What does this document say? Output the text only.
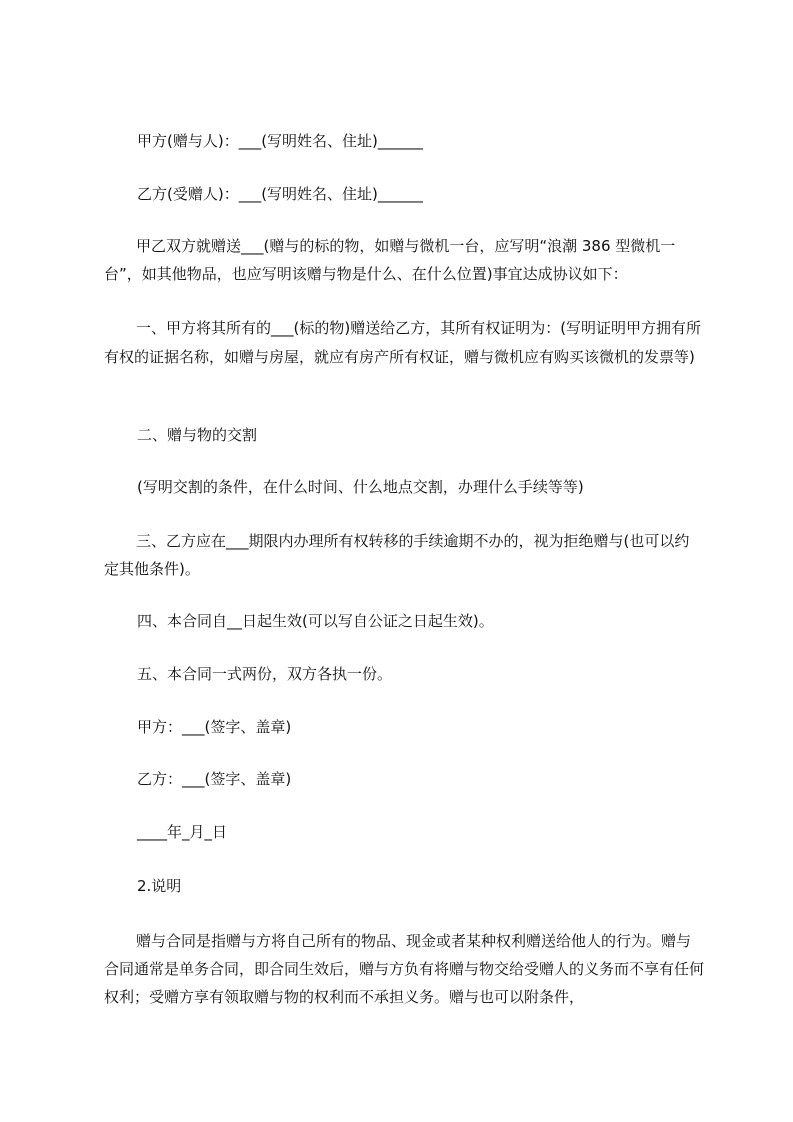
甲方(赠与人)：___(写明姓名、住址)______
乙方(受赠人)：___(写明姓名、住址)______
甲乙双方就赠送___(赠与的标的物，如赠与微机一台，应写明“浪潮 386 型微机一台”，如其他物品，也应写明该赠与物是什么、在什么位置)事宜达成协议如下：
一、甲方将其所有的___(标的物)赠送给乙方，其所有权证明为：(写明证明甲方拥有所有权的证据名称，如赠与房屋，就应有房产所有权证，赠与微机应有购买该微机的发票等)
二、赠与物的交割
(写明交割的条件，在什么时间、什么地点交割，办理什么手续等等)
三、乙方应在___期限内办理所有权转移的手续逾期不办的，视为拒绝赠与(也可以约定其他条件)。
四、本合同自__日起生效(可以写自公证之日起生效)。
五、本合同一式两份，双方各执一份。
甲方：___(签字、盖章)
乙方：___(签字、盖章)
____年_月_日
2.说明
赠与合同是指赠与方将自己所有的物品、现金或者某种权利赠送给他人的行为。赠与合同通常是单务合同，即合同生效后，赠与方负有将赠与物交给受赠人的义务而不享有任何权利；受赠方享有领取赠与物的权利而不承担义务。赠与也可以附条件，
